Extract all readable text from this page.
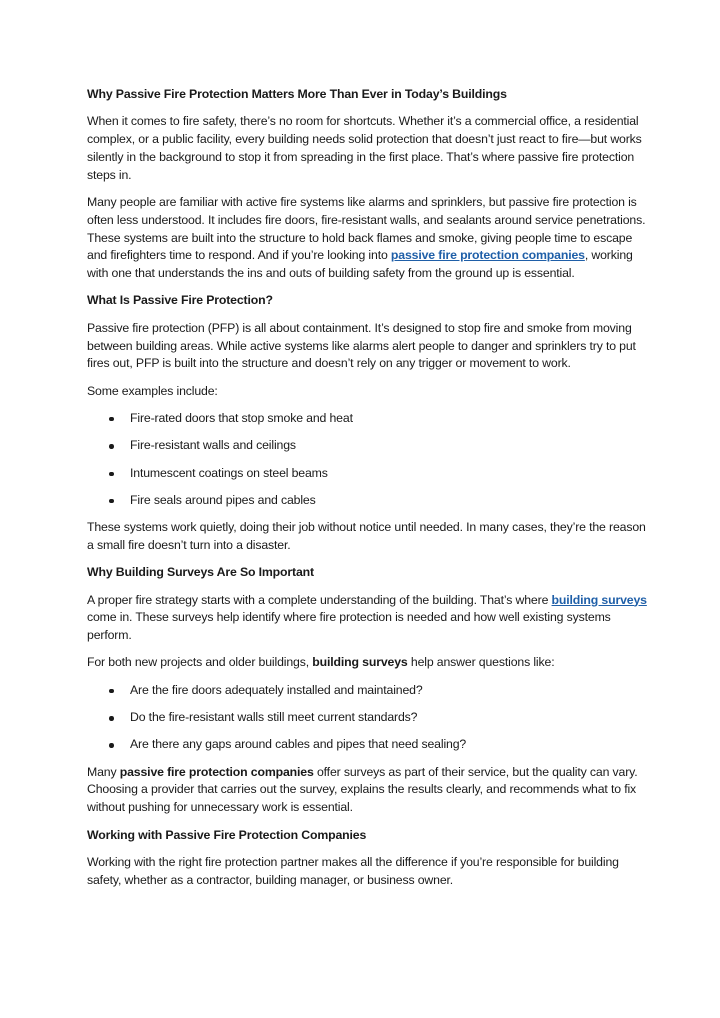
Why Passive Fire Protection Matters More Than Ever in Today’s Buildings

When it comes to fire safety, there’s no room for shortcuts. Whether it’s a commercial office, a residential complex, or a public facility, every building needs solid protection that doesn’t just react to fire—but works silently in the background to stop it from spreading in the first place. That’s where passive fire protection steps in.

Many people are familiar with active fire systems like alarms and sprinklers, but passive fire protection is often less understood. It includes fire doors, fire-resistant walls, and sealants around service penetrations. These systems are built into the structure to hold back flames and smoke, giving people time to escape and firefighters time to respond. And if you’re looking into passive fire protection companies, working with one that understands the ins and outs of building safety from the ground up is essential.

What Is Passive Fire Protection?

Passive fire protection (PFP) is all about containment. It’s designed to stop fire and smoke from moving between building areas. While active systems like alarms alert people to danger and sprinklers try to put fires out, PFP is built into the structure and doesn’t rely on any trigger or movement to work.

Some examples include:

Fire-rated doors that stop smoke and heat
Fire-resistant walls and ceilings
Intumescent coatings on steel beams
Fire seals around pipes and cables

These systems work quietly, doing their job without notice until needed. In many cases, they’re the reason a small fire doesn’t turn into a disaster.

Why Building Surveys Are So Important

A proper fire strategy starts with a complete understanding of the building. That’s where building surveys come in. These surveys help identify where fire protection is needed and how well existing systems perform.

For both new projects and older buildings, building surveys help answer questions like:

Are the fire doors adequately installed and maintained?
Do the fire-resistant walls still meet current standards?
Are there any gaps around cables and pipes that need sealing?

Many passive fire protection companies offer surveys as part of their service, but the quality can vary. Choosing a provider that carries out the survey, explains the results clearly, and recommends what to fix without pushing for unnecessary work is essential.

Working with Passive Fire Protection Companies

Working with the right fire protection partner makes all the difference if you’re responsible for building safety, whether as a contractor, building manager, or business owner.
